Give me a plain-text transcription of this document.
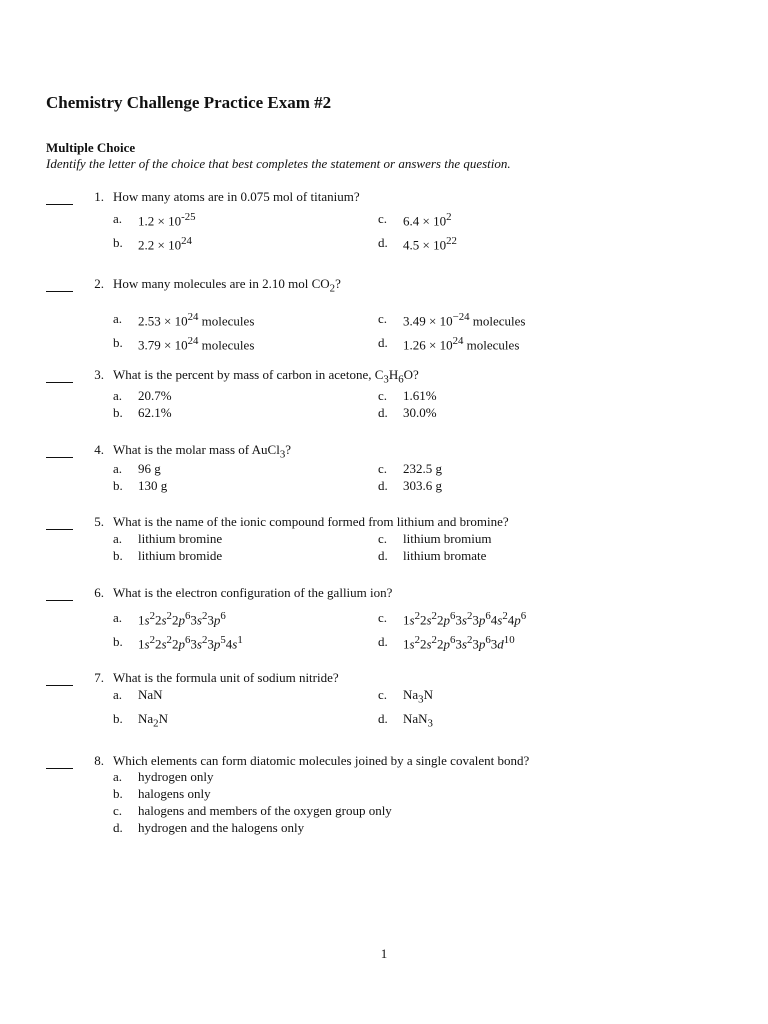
Chemistry Challenge Practice Exam #2
Multiple Choice
Identify the letter of the choice that best completes the statement or answers the question.
1. How many atoms are in 0.075 mol of titanium?
a.	$1.2 \times 10^{-25}$
b.	$2.2 \times 10^{24}$
c.	$6.4 \times 10^2$
d.	$4.5 \times 10^{22}$
2. How many molecules are in 2.10 mol $CO_2$?
a.	$2.53 \times 10^{24}$ molecules
b.	$3.79 \times 10^{24}$ molecules
c.	$3.49 \times 10^{-24}$ molecules
d.	$1.26 \times 10^{24}$ molecules
3. What is the percent by mass of carbon in acetone, $C_3H_6O$?
a.	20.7%
b.	62.1%
c.	1.61%
d.	30.0%
4. What is the molar mass of AuCl$_3$?
a.	96 g
b.	130 g
c.	232.5 g
d.	303.6 g
5. What is the name of the ionic compound formed from lithium and bromine?
a.	lithium bromine
b.	lithium bromide
c.	lithium bromium
d.	lithium bromate
6. What is the electron configuration of the gallium ion?
a.	$1s^22s^22p^63s^23p^6$
b.	$1s^22s^22p^63s^23p^54s^1$
c.	$1s^22s^22p^63s^23p^64s^24p^6$
d.	$1s^22s^22p^63s^23p^63d^{10}$
7. What is the formula unit of sodium nitride?
a.	NaN
b.	$Na_2N$
c.	$Na_3N$
d.	NaN$_3$
8. Which elements can form diatomic molecules joined by a single covalent bond?
a.	hydrogen only
b.	halogens only
c.	halogens and members of the oxygen group only
d.	hydrogen and the halogens only
1
